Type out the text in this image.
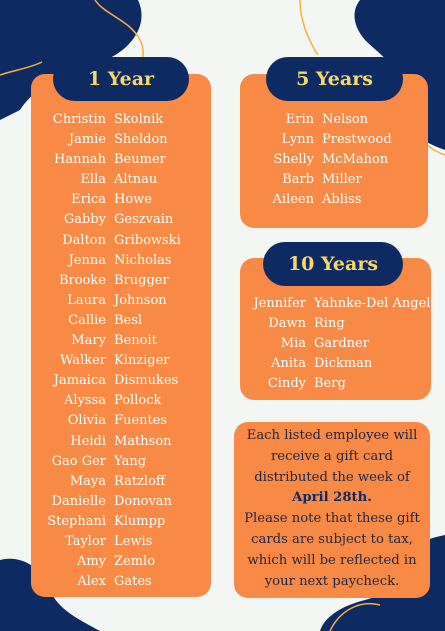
1 Year
Christin Skolnik
Jamie Sheldon
Hannah Beumer
Ella Altnau
Erica Howe
Gabby Geszvain
Dalton Gribowski
Jenna Nicholas
Brooke Brugger
Laura Johnson
Callie Besl
Mary Benoit
Walker Kinziger
Jamaica Dismukes
Alyssa Pollock
Olivia Fuentes
Heidi Mathson
Gao Ger Yang
Maya Ratzloff
Danielle Donovan
Stephani Klumpp
Taylor Lewis
Amy Zemlo
Alex Gates
5 Years
Erin Nelson
Lynn Prestwood
Shelly McMahon
Barb Miller
Aileen Abliss
10 Years
Jennifer Yahnke-Del Angel
Dawn Ring
Mia Gardner
Anita Dickman
Cindy Berg
Each listed employee will
receive a gift card
distributed the week of
April 28th.
Please note that these gift
cards are subject to tax,
which will be reflected in
your next paycheck.
